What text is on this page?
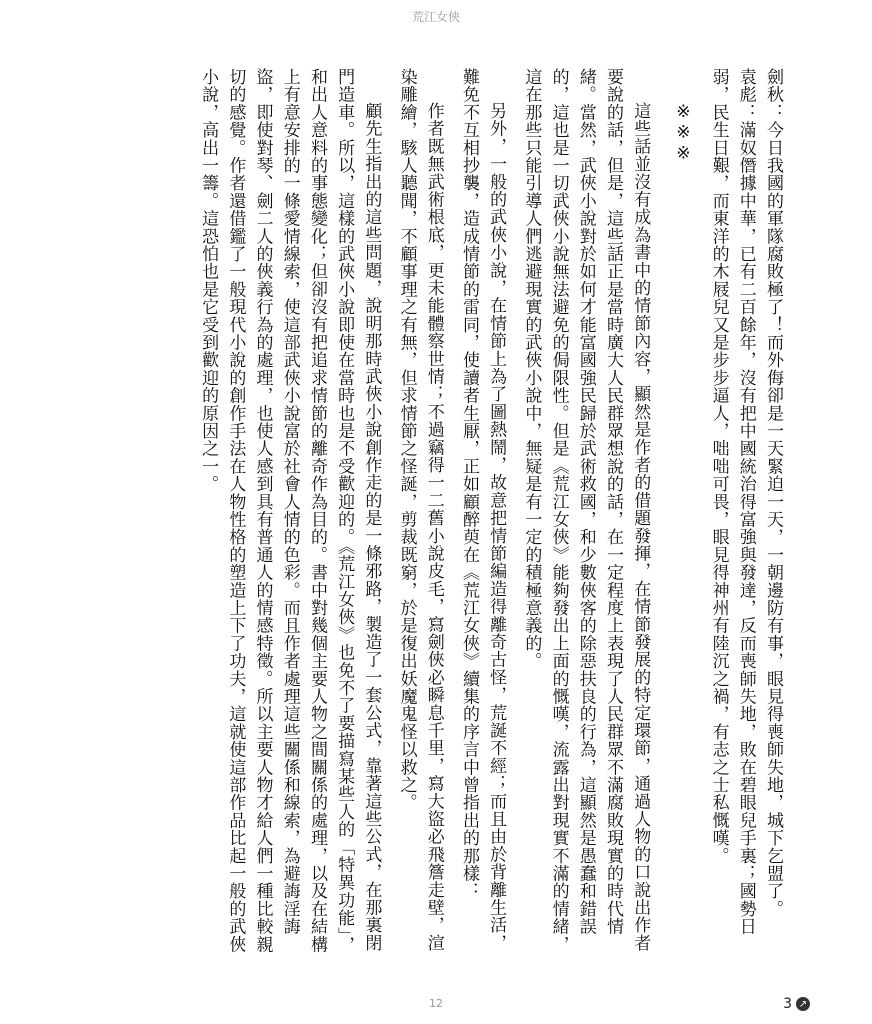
荒江女俠

劍秋：今日我國的軍隊腐敗極了！而外侮卻是一天緊迫一天，一朝邊防有事，眼見得喪師失地，城下乞盟了。

袁彪：滿奴僭據中華，已有二百餘年，沒有把中國統治得富強與發達，反而喪師失地，敗在碧眼兒手裏；國勢日弱，民生日艱，而東洋的木屐兒又是步步逼人，咄咄可畏，眼見得神州有陸沉之禍，有志之士私慨嘆。

※※※

這些話並沒有成為書中的情節內容，顯然是作者的借題發揮，在情節發展的特定環節，通過人物的口說出作者要說的話，但是，這些話正是當時廣大人民群眾想說的話，在一定程度上表現了人民群眾不滿腐敗現實的時代情緒。當然，武俠小說對於如何才能富國強民歸於武術救國，和少數俠客的除惡扶良的行為，這顯然是愚蠢和錯誤的，這也是一切武俠小說無法避免的侷限性。但是《荒江女俠》能夠發出上面的慨嘆，流露出對現實不滿的情緒，這在那些只能引導人們逃避現實的武俠小說中，無疑是有一定的積極意義的。

另外，一般的武俠小說，在情節上為了圖熱鬧，故意把情節編造得離奇古怪，荒誕不經；而且由於背離生活，難免不互相抄襲，造成情節的雷同，使讀者生厭，正如顧醉萸在《荒江女俠》續集的序言中曾指出的那樣：

作者既無武術根底，更未能體察世情；不過竊得一二舊小說皮毛，寫劍俠必瞬息千里，寫大盜必飛簷走壁，渲染雕繪，駭人聽聞，不顧事理之有無，但求情節之怪誕，剪裁既窮，於是復出妖魔鬼怪以救之。

顧先生指出的這些問題，說明那時武俠小說創作走的是一條邪路，製造了一套公式，靠著這些公式，在那裏閉門造車。所以，這樣的武俠小說即使在當時也是不受歡迎的。《荒江女俠》也免不了要描寫某些人的「特異功能」，和出人意料的事態變化；但卻沒有把追求情節的離奇作為目的。書中對幾個主要人物之間關係的處理，以及在結構上有意安排的一條愛情線索，使這部武俠小說富於社會人情的色彩。而且作者處理這些關係和線索，為避誨淫誨盜，即使對琴、劍二人的俠義行為的處理，也使人感到具有普通人的情感特徵。所以主要人物才給人們一種比較親切的感覺。作者還借鑑了一般現代小說的創作手法在人物性格的塑造上下了功夫，這就使這部作品比起一般的武俠小說，高出一籌。這恐怕也是它受到歡迎的原因之一。

12	3 ↗
